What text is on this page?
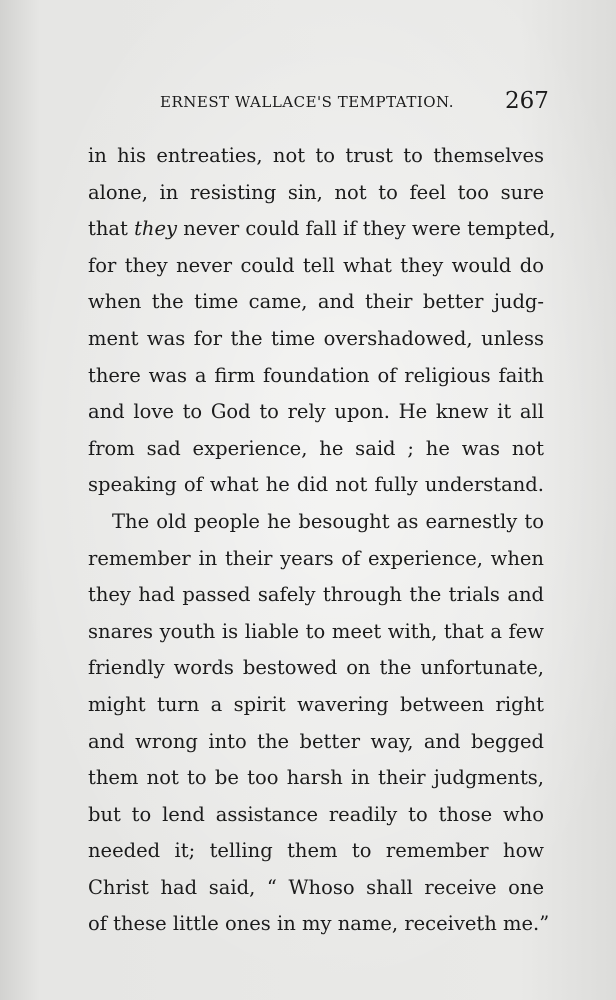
ERNEST WALLACE'S TEMPTATION. 267
in his entreaties, not to trust to themselves
alone, in resisting sin, not to feel too sure
that they never could fall if they were tempted,
for they never could tell what they would do
when the time came, and their better judg-
ment was for the time overshadowed, unless
there was a firm foundation of religious faith
and love to God to rely upon. He knew it all
from sad experience, he said ; he was not
speaking of what he did not fully understand.
The old people he besought as earnestly to
remember in their years of experience, when
they had passed safely through the trials and
snares youth is liable to meet with, that a few
friendly words bestowed on the unfortunate,
might turn a spirit wavering between right
and wrong into the better way, and begged
them not to be too harsh in their judgments,
but to lend assistance readily to those who
needed it; telling them to remember how
Christ had said, “ Whoso shall receive one
of these little ones in my name, receiveth me.”
